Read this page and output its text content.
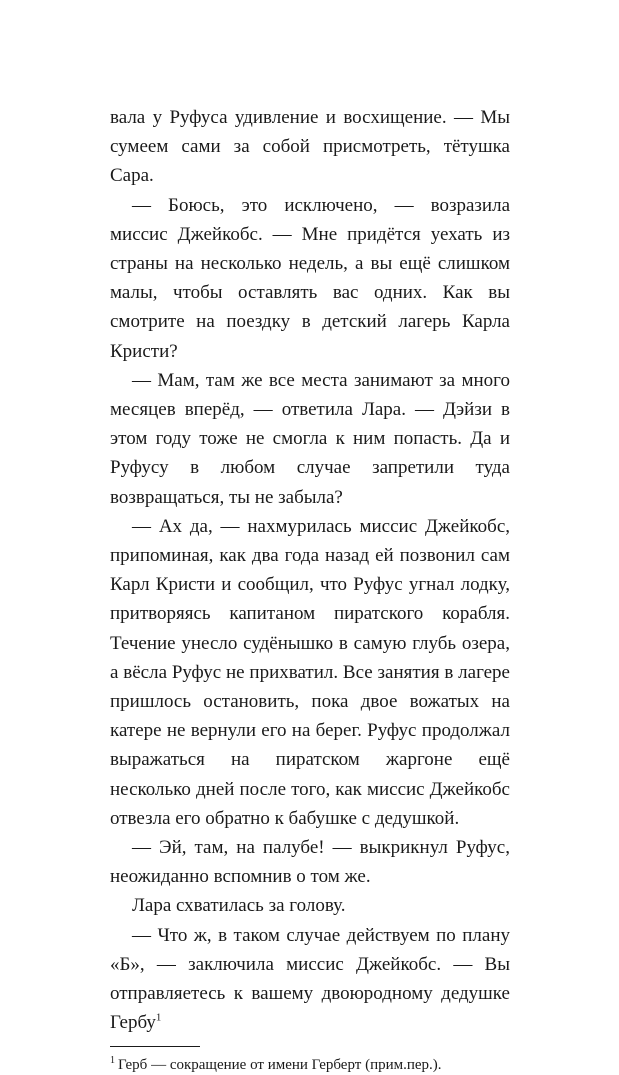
вала у Руфуса удивление и восхищение. — Мы сумеем сами за собой присмотреть, тётушка Сара.

— Боюсь, это исключено, — возразила миссис Джейкобс. — Мне придётся уехать из страны на несколько недель, а вы ещё слишком малы, чтобы оставлять вас одних. Как вы смотрите на поездку в детский лагерь Карла Кристи?

— Мам, там же все места занимают за много месяцев вперёд, — ответила Лара. — Дэйзи в этом году тоже не смогла к ним попасть. Да и Руфусу в любом случае запретили туда возвращаться, ты не забыла?

— Ах да, — нахмурилась миссис Джейкобс, припоминая, как два года назад ей позвонил сам Карл Кристи и сообщил, что Руфус угнал лодку, притворяясь капитаном пиратского корабля. Течение унесло судёнышко в самую глубь озера, а вёсла Руфус не прихватил. Все занятия в лагере пришлось остановить, пока двое вожатых на катере не вернули его на берег. Руфус продолжал выражаться на пиратском жаргоне ещё несколько дней после того, как миссис Джейкобс отвезла его обратно к бабушке с дедушкой.

— Эй, там, на палубе! — выкрикнул Руфус, неожиданно вспомнив о том же.

Лара схватилась за голову.

— Что ж, в таком случае действуем по плану «Б», — заключила миссис Джейкобс. — Вы отправляетесь к вашему двоюродному дедушке Гербу$^1$

$^1$ Герб — сокращение от имени Герберт (прим.пер.).
